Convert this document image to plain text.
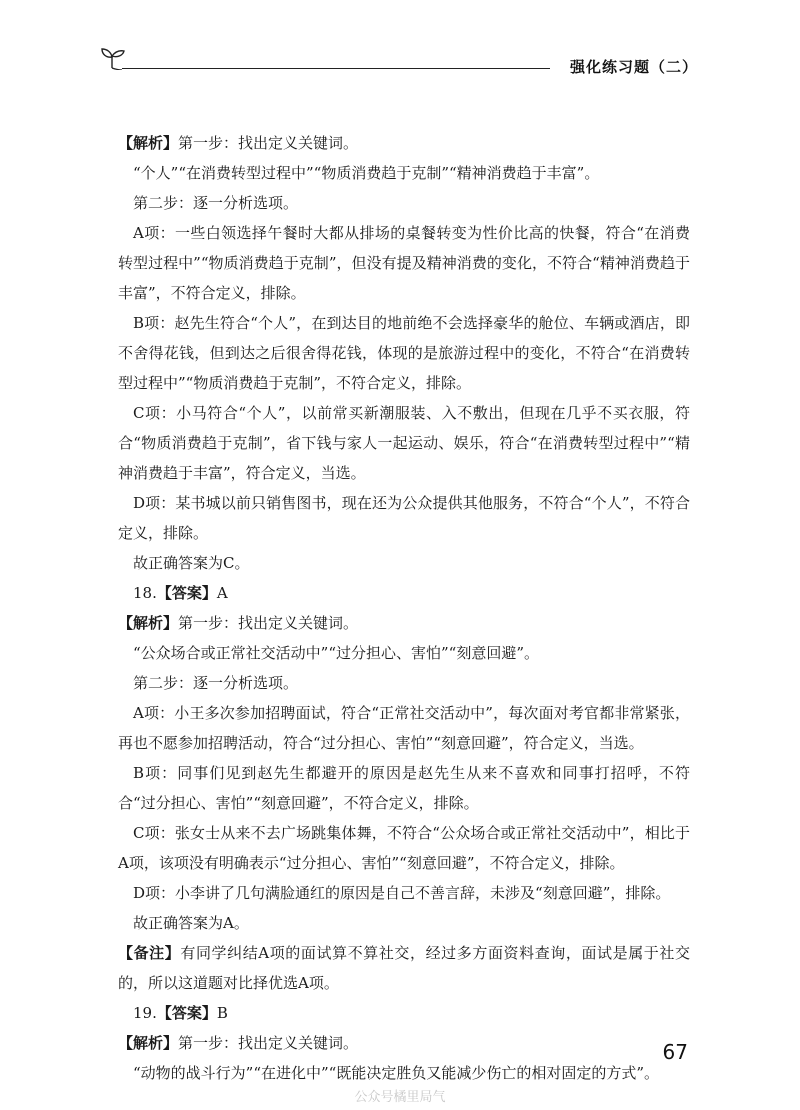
强化练习题（二）

【解析】第一步：找出定义关键词。

“个人”“在消费转型过程中”“物质消费趋于克制”“精神消费趋于丰富”。

第二步：逐一分析选项。

A项：一些白领选择午餐时大都从排场的桌餐转变为性价比高的快餐，符合“在消费转型过程中”“物质消费趋于克制”，但没有提及精神消费的变化，不符合“精神消费趋于丰富”，不符合定义，排除。

B项：赵先生符合“个人”，在到达目的地前绝不会选择豪华的舱位、车辆或酒店，即不舍得花钱，但到达之后很舍得花钱，体现的是旅游过程中的变化，不符合“在消费转型过程中”“物质消费趋于克制”，不符合定义，排除。

C项：小马符合“个人”，以前常买新潮服装、入不敷出，但现在几乎不买衣服，符合“物质消费趋于克制”，省下钱与家人一起运动、娱乐，符合“在消费转型过程中”“精神消费趋于丰富”，符合定义，当选。

D项：某书城以前只销售图书，现在还为公众提供其他服务，不符合“个人”，不符合定义，排除。

故正确答案为C。

18.【答案】A

【解析】第一步：找出定义关键词。

“公众场合或正常社交活动中”“过分担心、害怕”“刻意回避”。

第二步：逐一分析选项。

A项：小王多次参加招聘面试，符合“正常社交活动中”，每次面对考官都非常紧张，再也不愿参加招聘活动，符合“过分担心、害怕”“刻意回避”，符合定义，当选。

B项：同事们见到赵先生都避开的原因是赵先生从来不喜欢和同事打招呼，不符合“过分担心、害怕”“刻意回避”，不符合定义，排除。

C项：张女士从来不去广场跳集体舞，不符合“公众场合或正常社交活动中”，相比于A项，该项没有明确表示“过分担心、害怕”“刻意回避”，不符合定义，排除。

D项：小李讲了几句满脸通红的原因是自己不善言辞，未涉及“刻意回避”，排除。

故正确答案为A。

【备注】有同学纠结A项的面试算不算社交，经过多方面资料查询，面试是属于社交的，所以这道题对比择优选A项。

19.【答案】B

【解析】第一步：找出定义关键词。

“动物的战斗行为”“在进化中”“既能决定胜负又能减少伤亡的相对固定的方式”。

67
公众号橘里局气
